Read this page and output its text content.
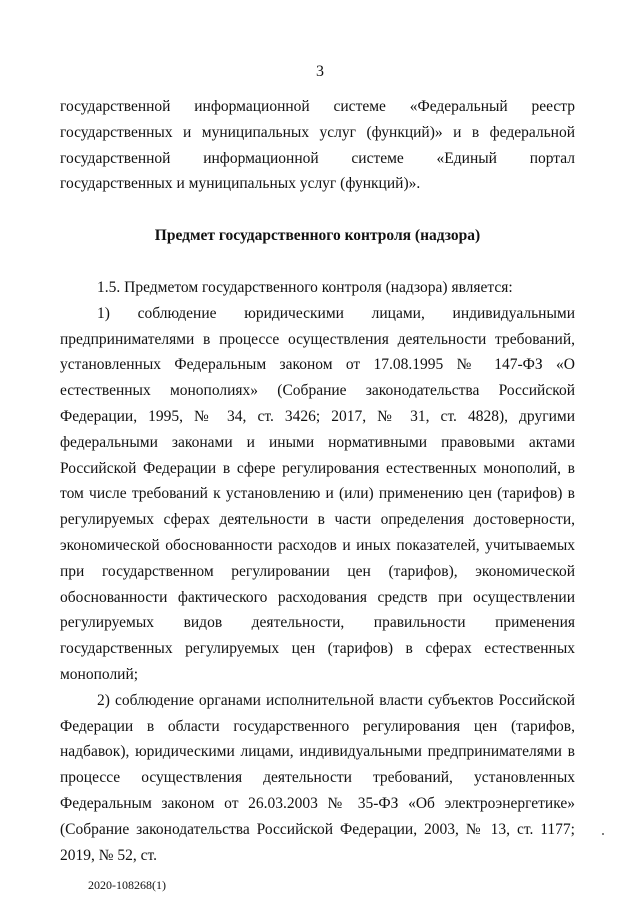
3

государственной информационной системе «Федеральный реестр государственных и муниципальных услуг (функций)» и в федеральной государственной информационной системе «Единый портал государственных и муниципальных услуг (функций)».

Предмет государственного контроля (надзора)

1.5. Предметом государственного контроля (надзора) является:

1) соблюдение юридическими лицами, индивидуальными предпринимателями в процессе осуществления деятельности требований, установленных Федеральным законом от 17.08.1995 № 147-ФЗ «О естественных монополиях» (Собрание законодательства Российской Федерации, 1995, № 34, ст. 3426; 2017, № 31, ст. 4828), другими федеральными законами и иными нормативными правовыми актами Российской Федерации в сфере регулирования естественных монополий, в том числе требований к установлению и (или) применению цен (тарифов) в регулируемых сферах деятельности в части определения достоверности, экономической обоснованности расходов и иных показателей, учитываемых при государственном регулировании цен (тарифов), экономической обоснованности фактического расходования средств при осуществлении регулируемых видов деятельности, правильности применения государственных регулируемых цен (тарифов) в сферах естественных монополий;

2) соблюдение органами исполнительной власти субъектов Российской Федерации в области государственного регулирования цен (тарифов, надбавок), юридическими лицами, индивидуальными предпринимателями в процессе осуществления деятельности требований, установленных Федеральным законом от 26.03.2003 № 35-ФЗ «Об электроэнергетике» (Собрание законодательства Российской Федерации, 2003, № 13, ст. 1177; 2019, № 52, ст.

2020-108268(1)
